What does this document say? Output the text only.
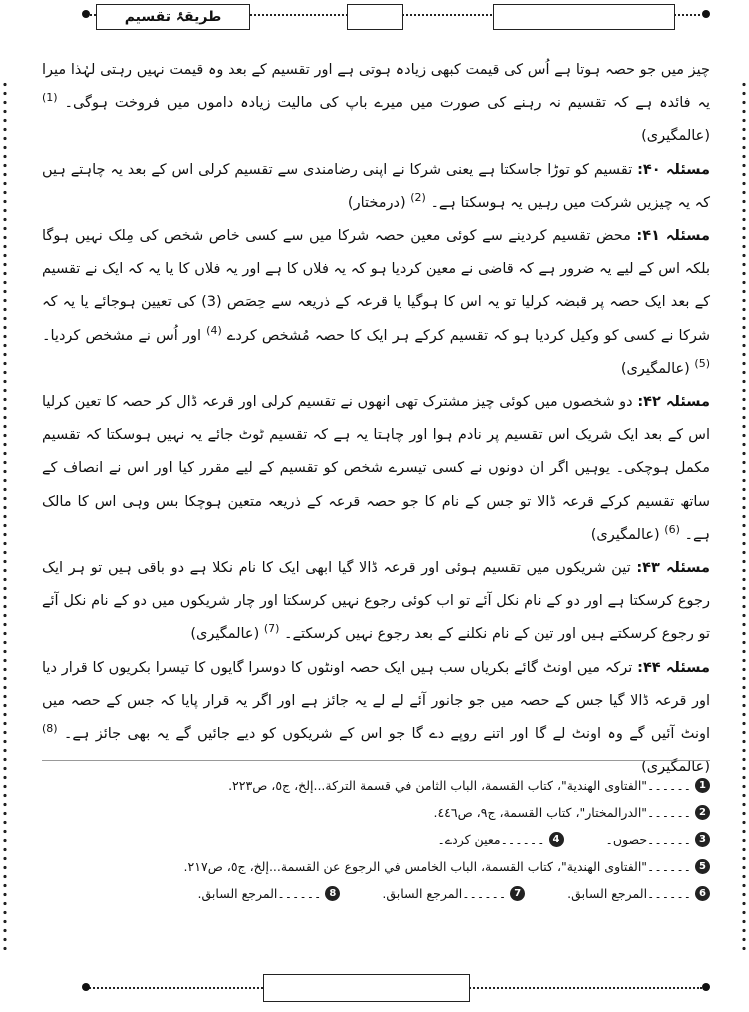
طریقۂ تقسیم

چیز میں جو حصہ ہوتا ہے اُس کی قیمت کبھی زیادہ ہوتی ہے اور تقسیم کے بعد وہ قیمت نہیں رہتی لہٰذا میرا یہ فائدہ ہے کہ تقسیم نہ رہنے کی صورت میں میرے باپ کی مالیت زیادہ داموں میں فروخت ہوگی۔ $^{(1)}$ (عالمگیری)

مسئلہ ۴۰: تقسیم کو توڑا جاسکتا ہے یعنی شرکا نے اپنی رضامندی سے تقسیم کرلی اس کے بعد یہ چاہتے ہیں کہ یہ چیزیں شرکت میں رہیں یہ ہوسکتا ہے۔ $^{(2)}$ (درمختار)

مسئلہ ۴۱: محض تقسیم کردینے سے کوئی معین حصہ شرکا میں سے کسی خاص شخص کی مِلک نہیں ہوگا بلکہ اس کے لیے یہ ضرور ہے کہ قاضی نے معین کردیا ہو کہ یہ فلاں کا ہے اور یہ فلاں کا یا یہ کہ ایک نے تقسیم کے بعد ایک حصہ پر قبضہ کرلیا تو یہ اس کا ہوگیا یا قرعہ کے ذریعہ سے حِصَص (3) کی تعیین ہوجائے یا یہ کہ شرکا نے کسی کو وکیل کردیا ہو کہ تقسیم کرکے ہر ایک کا حصہ مُشخص کردے $^{(4)}$ اور اُس نے مشخص کردیا۔ $^{(5)}$ (عالمگیری)

مسئلہ ۴۲: دو شخصوں میں کوئی چیز مشترک تھی انھوں نے تقسیم کرلی اور قرعہ ڈال کر حصہ کا تعین کرلیا اس کے بعد ایک شریک اس تقسیم پر نادم ہوا اور چاہتا یہ ہے کہ تقسیم ٹوٹ جائے یہ نہیں ہوسکتا کہ تقسیم مکمل ہوچکی۔ یوہیں اگر ان دونوں نے کسی تیسرے شخص کو تقسیم کے لیے مقرر کیا اور اس نے انصاف کے ساتھ تقسیم کرکے قرعہ ڈالا تو جس کے نام کا جو حصہ قرعہ کے ذریعہ متعین ہوچکا بس وہی اس کا مالک ہے۔ $^{(6)}$ (عالمگیری)

مسئلہ ۴۳: تین شریکوں میں تقسیم ہوئی اور قرعہ ڈالا گیا ابھی ایک کا نام نکلا ہے دو باقی ہیں تو ہر ایک رجوع کرسکتا ہے اور دو کے نام نکل آئے تو اب کوئی رجوع نہیں کرسکتا اور چار شریکوں میں دو کے نام نکل آئے تو رجوع کرسکتے ہیں اور تین کے نام نکلنے کے بعد رجوع نہیں کرسکتے۔ $^{(7)}$ (عالمگیری)

مسئلہ ۴۴: ترکہ میں اونٹ گائے بکریاں سب ہیں ایک حصہ اونٹوں کا دوسرا گایوں کا تیسرا بکریوں کا قرار دیا اور قرعہ ڈالا گیا جس کے حصہ میں جو جانور آئے لے لے یہ جائز ہے اور اگر یہ قرار پایا کہ جس کے حصہ میں اونٹ آئیں گے وہ اونٹ لے گا اور اتنے روپے دے گا جو اس کے شریکوں کو دیے جائیں گے یہ بھی جائز ہے۔ $^{(8)}$ (عالمگیری)

1
۔۔۔۔۔۔"الفتاوی الهندية"، كتاب القسمة، الباب الثامن في قسمة التركة...إلخ، ج٥، ص٢٢٣.
2
۔۔۔۔۔۔"الدرالمختار"، كتاب القسمة، ج٩، ص٤٤٦.
3
۔۔۔۔۔۔حصوں۔
4
۔۔۔۔۔۔معین کردے۔
5
۔۔۔۔۔۔"الفتاوى الهندية"، كتاب القسمة، الباب الخامس في الرجوع عن القسمة...إلخ، ج٥، ص٢١٧.
6
۔۔۔۔۔۔المرجع السابق.
7
۔۔۔۔۔۔المرجع السابق.
8
۔۔۔۔۔۔المرجع السابق.
